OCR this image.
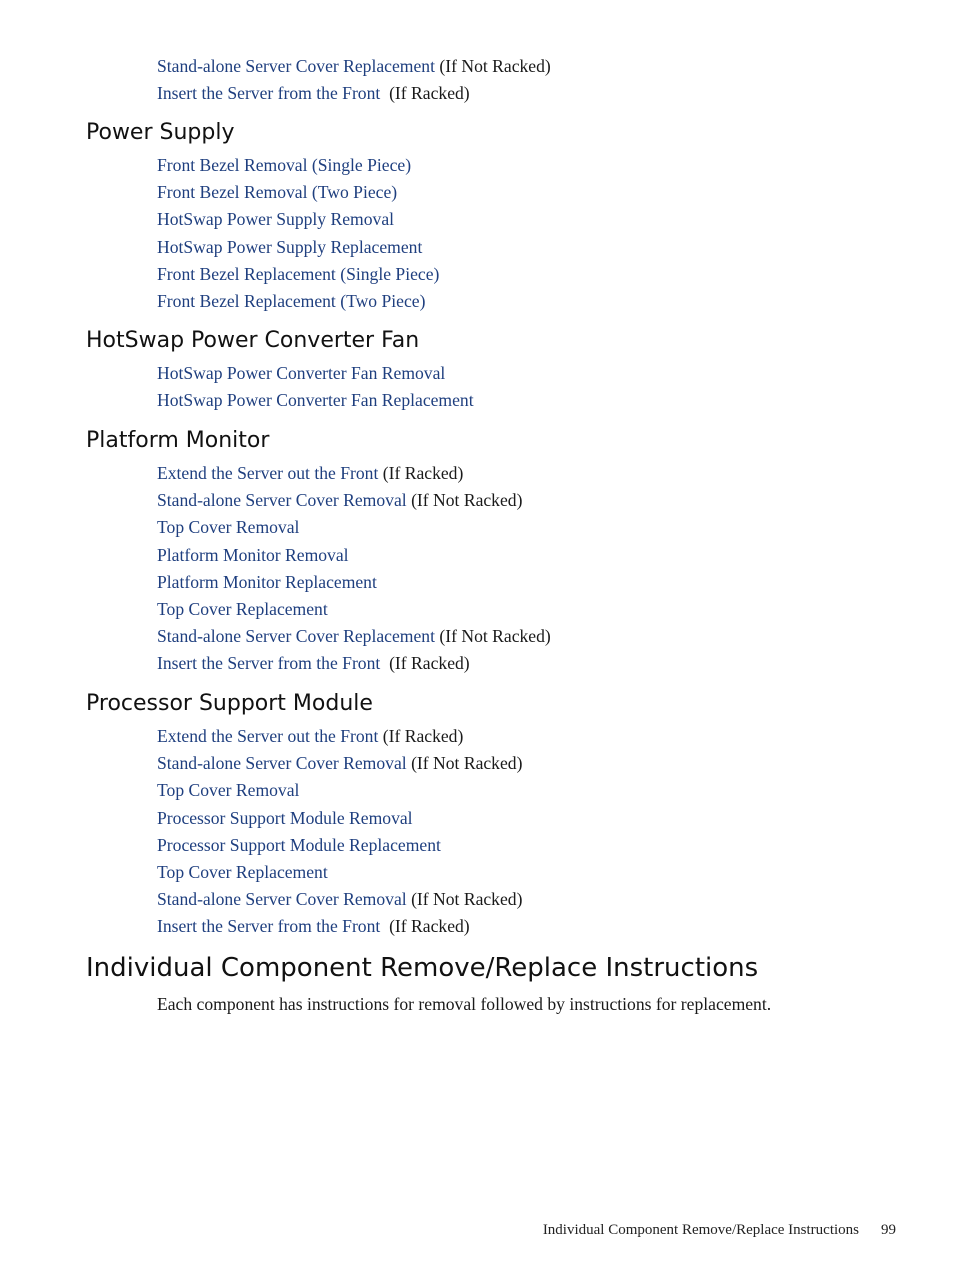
Stand-alone Server Cover Replacement (If Not Racked)
Insert the Server from the Front  (If Racked)
Power Supply
Front Bezel Removal (Single Piece)
Front Bezel Removal (Two Piece)
HotSwap Power Supply Removal
HotSwap Power Supply Replacement
Front Bezel Replacement (Single Piece)
Front Bezel Replacement (Two Piece)
HotSwap Power Converter Fan
HotSwap Power Converter Fan Removal
HotSwap Power Converter Fan Replacement
Platform Monitor
Extend the Server out the Front (If Racked)
Stand-alone Server Cover Removal (If Not Racked)
Top Cover Removal
Platform Monitor Removal
Platform Monitor Replacement
Top Cover Replacement
Stand-alone Server Cover Replacement (If Not Racked)
Insert the Server from the Front  (If Racked)
Processor Support Module
Extend the Server out the Front (If Racked)
Stand-alone Server Cover Removal (If Not Racked)
Top Cover Removal
Processor Support Module Removal
Processor Support Module Replacement
Top Cover Replacement
Stand-alone Server Cover Removal (If Not Racked)
Insert the Server from the Front  (If Racked)
Individual Component Remove/Replace Instructions

Each component has instructions for removal followed by instructions for replacement.

Individual Component Remove/Replace Instructions 99
